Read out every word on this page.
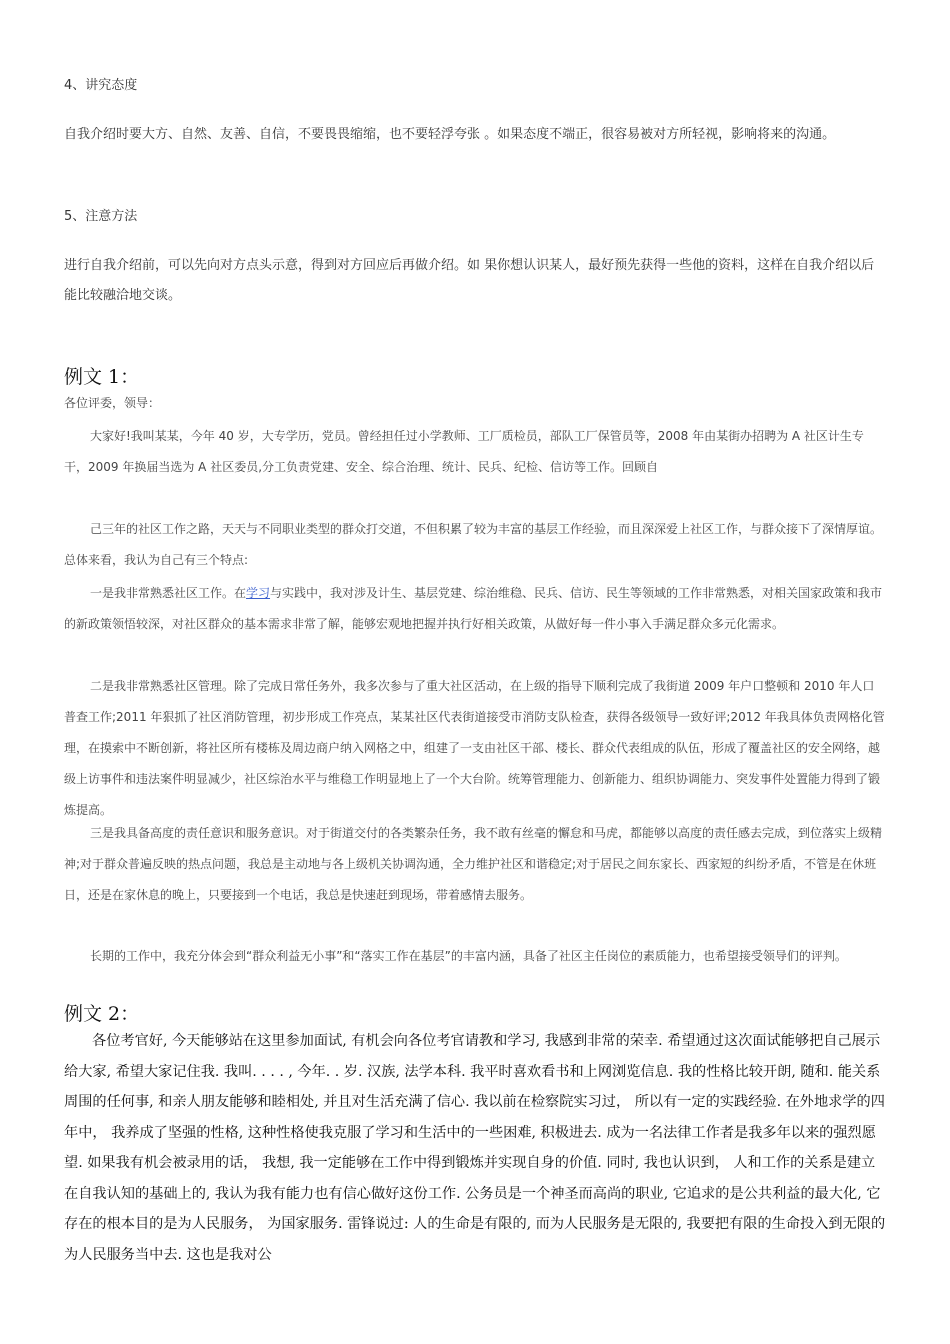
4、讲究态度
自我介绍时要大方、自然、友善、自信，不要畏畏缩缩，也不要轻浮夸张 。如果态度不端正，很容易被对方所轻视，影响将来的沟通。
5、注意方法
进行自我介绍前，可以先向对方点头示意，得到对方回应后再做介绍。如 果你想认识某人，最好预先获得一些他的资料，这样在自我介绍以后能比较融洽地交谈。
例文 1：
各位评委，领导：
大家好!我叫某某，今年 40 岁，大专学历，党员。曾经担任过小学教师、工厂质检员，部队工厂保管员等，2008 年由某街办招聘为 A 社区计生专干，2009 年换届当选为 A 社区委员,分工负责党建、安全、综合治理、统计、民兵、纪检、信访等工作。回顾自
己三年的社区工作之路，天天与不同职业类型的群众打交道，不但积累了较为丰富的基层工作经验，而且深深爱上社区工作，与群众接下了深情厚谊。总体来看，我认为自己有三个特点:
一是我非常熟悉社区工作。在学习与实践中，我对涉及计生、基层党建、综治维稳、民兵、信访、民生等领域的工作非常熟悉，对相关国家政策和我市的新政策领悟较深，对社区群众的基本需求非常了解，能够宏观地把握并执行好相关政策，从做好每一件小事入手满足群众多元化需求。
二是我非常熟悉社区管理。除了完成日常任务外，我多次参与了重大社区活动，在上级的指导下顺利完成了我街道 2009 年户口整顿和 2010 年人口普查工作;2011 年狠抓了社区消防管理，初步形成工作亮点，某某社区代表街道接受市消防支队检查，获得各级领导一致好评;2012 年我具体负责网格化管理，在摸索中不断创新，将社区所有楼栋及周边商户纳入网格之中，组建了一支由社区干部、楼长、群众代表组成的队伍，形成了覆盖社区的安全网络，越级上访事件和违法案件明显减少，社区综治水平与维稳工作明显地上了一个大台阶。统筹管理能力、创新能力、组织协调能力、突发事件处置能力得到了锻炼提高。
三是我具备高度的责任意识和服务意识。对于街道交付的各类繁杂任务，我不敢有丝毫的懈怠和马虎，都能够以高度的责任感去完成，到位落实上级精神;对于群众普遍反映的热点问题，我总是主动地与各上级机关协调沟通，全力维护社区和谐稳定;对于居民之间东家长、西家短的纠纷矛盾，不管是在休班日，还是在家休息的晚上，只要接到一个电话，我总是快速赶到现场，带着感情去服务。
长期的工作中，我充分体会到“群众利益无小事”和“落实工作在基层”的丰富内涵，具备了社区主任岗位的素质能力，也希望接受领导们的评判。
例文 2：
各位考官好, 今天能够站在这里参加面试, 有机会向各位考官请教和学习, 我感到非常的荣幸. 希望通过这次面试能够把自己展示给大家, 希望大家记住我. 我叫. . . . , 今年. . 岁. 汉族, 法学本科. 我平时喜欢看书和上网浏览信息. 我的性格比较开朗, 随和. 能关系周围的任何事, 和亲人朋友能够和睦相处, 并且对生活充满了信心. 我以前在检察院实习过， 所以有一定的实践经验. 在外地求学的四年中， 我养成了坚强的性格, 这种性格使我克服了学习和生活中的一些困难, 积极进去. 成为一名法律工作者是我多年以来的强烈愿望. 如果我有机会被录用的话， 我想, 我一定能够在工作中得到锻炼并实现自身的价值. 同时, 我也认识到， 人和工作的关系是建立在自我认知的基础上的, 我认为我有能力也有信心做好这份工作. 公务员是一个神圣而高尚的职业, 它追求的是公共利益的最大化, 它存在的根本目的是为人民服务， 为国家服务. 雷锋说过: 人的生命是有限的, 而为人民服务是无限的, 我要把有限的生命投入到无限的为人民服务当中去. 这也是我对公
